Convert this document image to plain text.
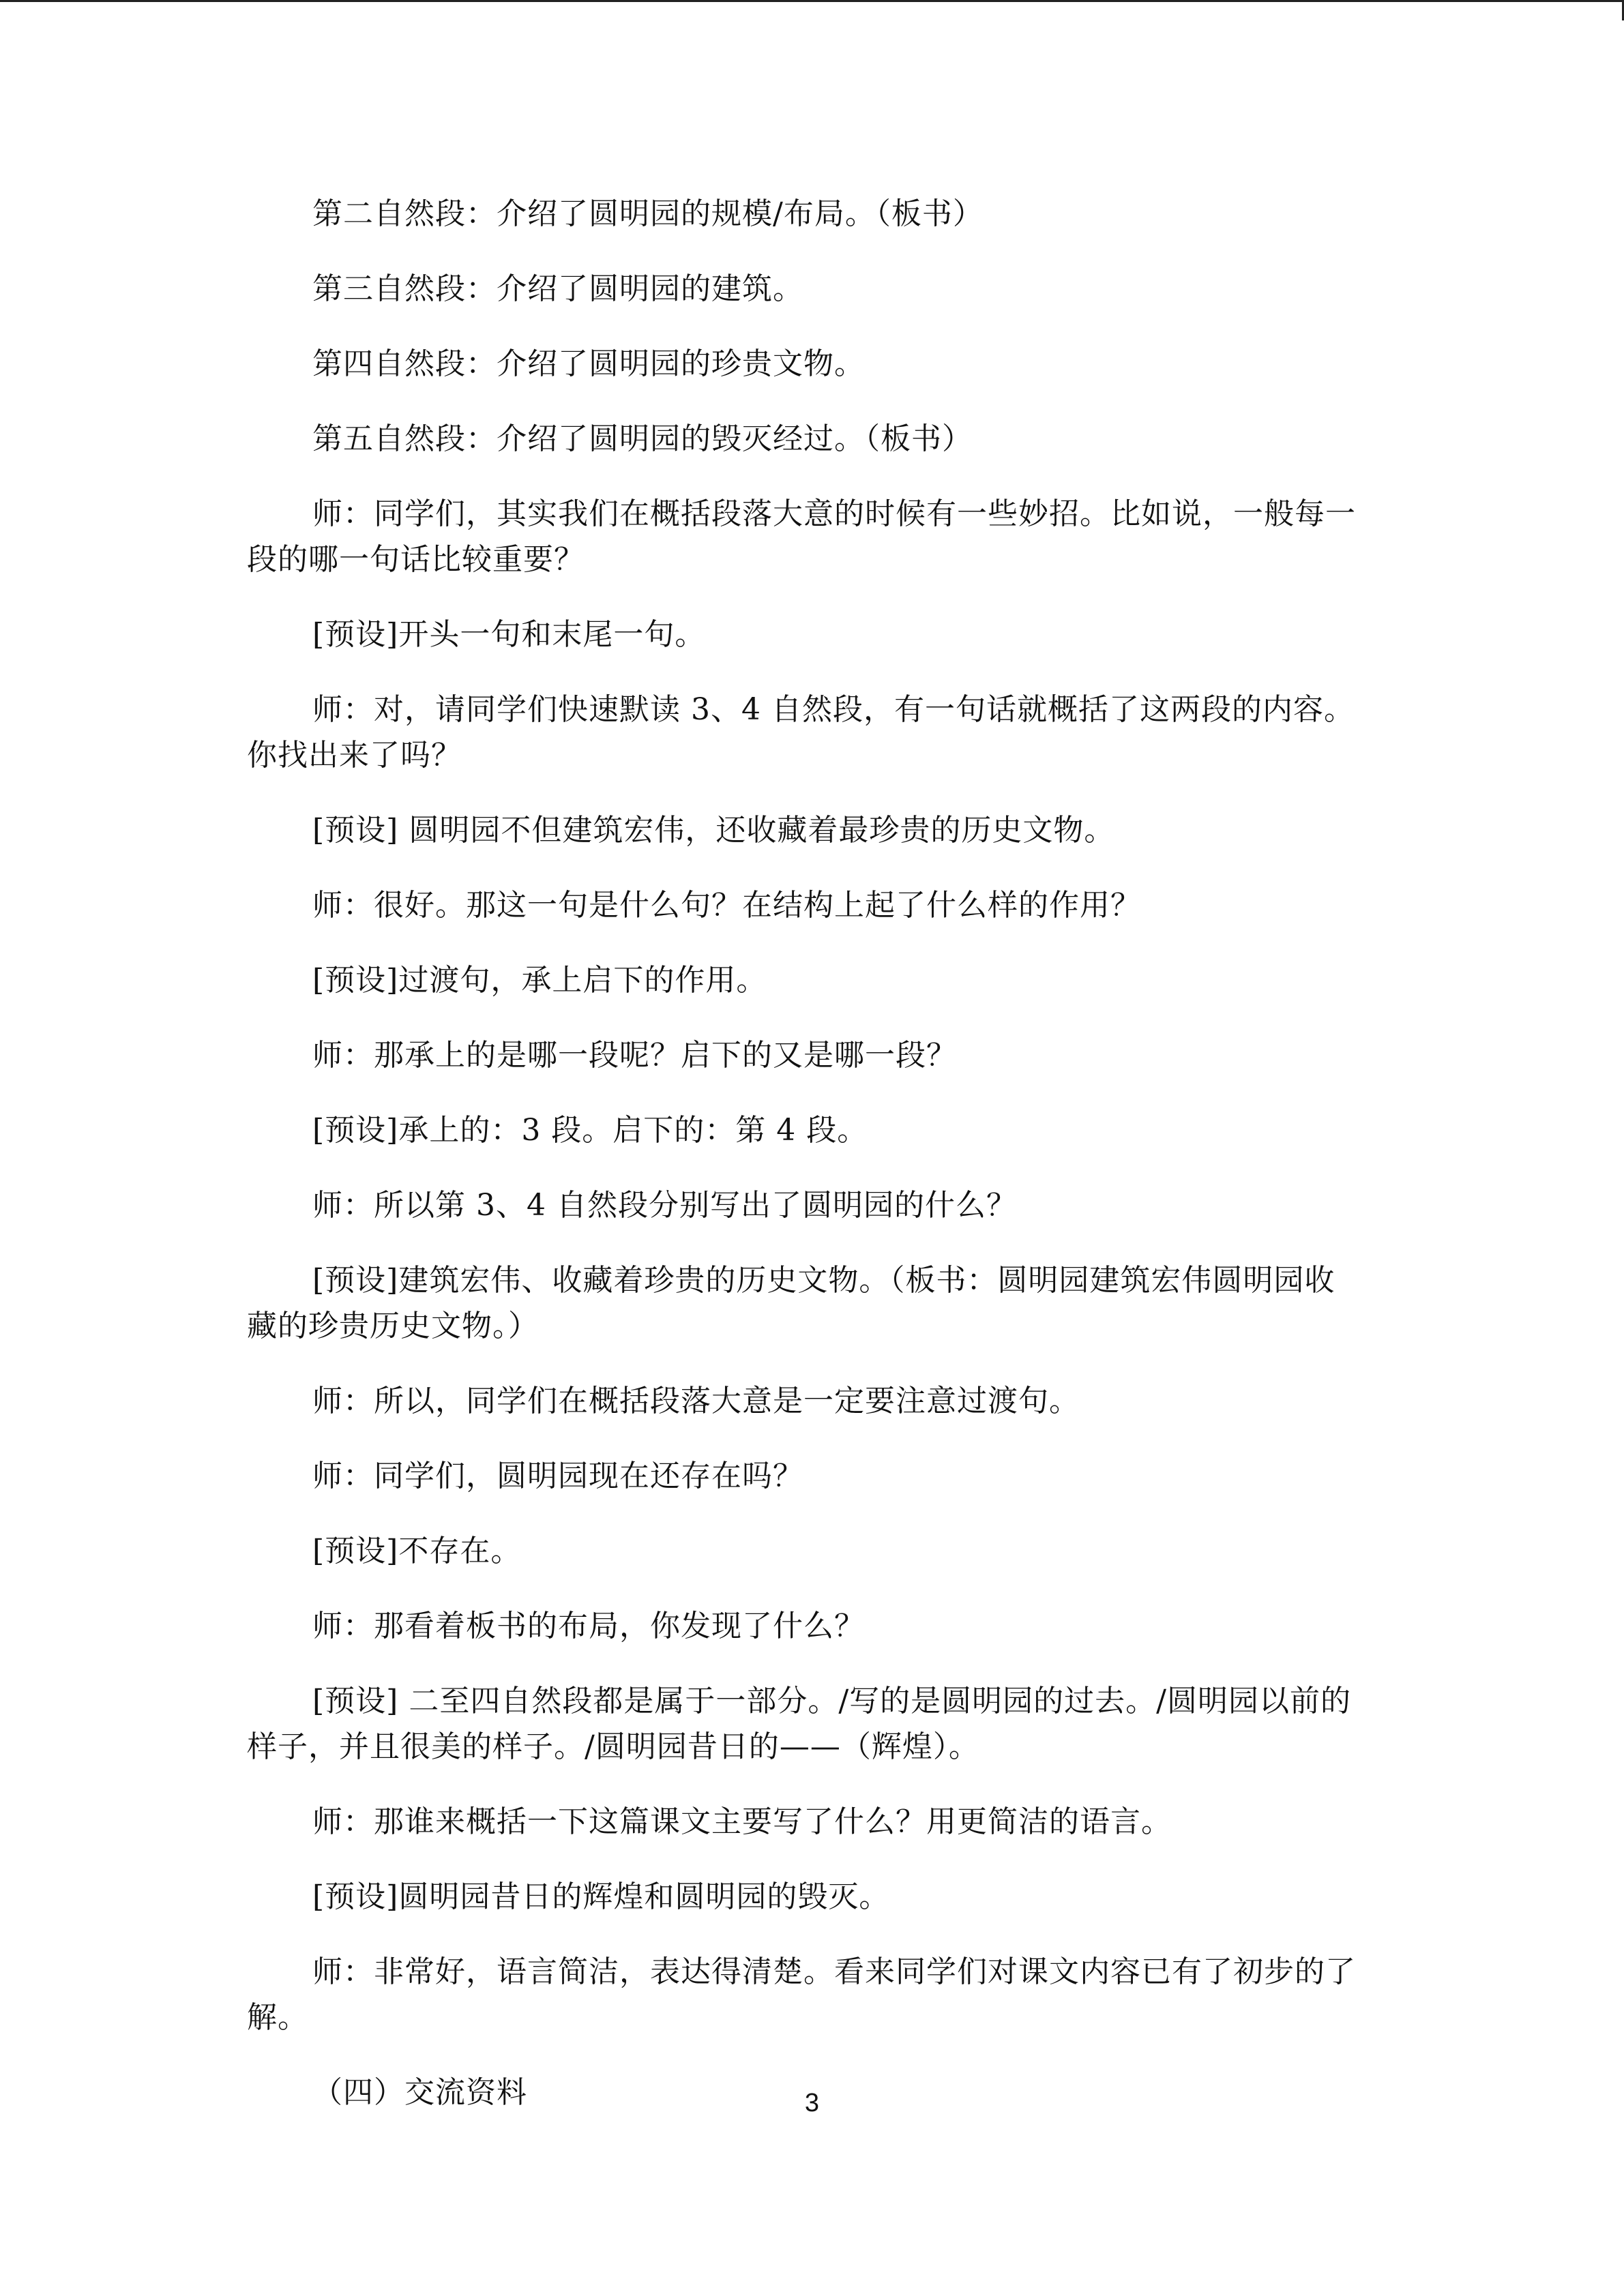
第二自然段：介绍了圆明园的规模/布局。（板书）

第三自然段：介绍了圆明园的建筑。

第四自然段：介绍了圆明园的珍贵文物。

第五自然段：介绍了圆明园的毁灭经过。（板书）

师：同学们，其实我们在概括段落大意的时候有一些妙招。比如说，一般每一段的哪一句话比较重要？

[预设]开头一句和末尾一句。

师：对，请同学们快速默读 3、4 自然段，有一句话就概括了这两段的内容。你找出来了吗？

[预设] 圆明园不但建筑宏伟，还收藏着最珍贵的历史文物。

师：很好。那这一句是什么句？在结构上起了什么样的作用？

[预设]过渡句，承上启下的作用。

师：那承上的是哪一段呢？启下的又是哪一段？

[预设]承上的：3 段。启下的：第 4 段。

师：所以第 3、4 自然段分别写出了圆明园的什么？

[预设]建筑宏伟、收藏着珍贵的历史文物。（板书：圆明园建筑宏伟圆明园收藏的珍贵历史文物。）

师：所以，同学们在概括段落大意是一定要注意过渡句。

师：同学们，圆明园现在还存在吗？

[预设]不存在。

师：那看着板书的布局，你发现了什么？

[预设] 二至四自然段都是属于一部分。/写的是圆明园的过去。/圆明园以前的样子，并且很美的样子。/圆明园昔日的——（辉煌）。

师：那谁来概括一下这篇课文主要写了什么？用更简洁的语言。

[预设]圆明园昔日的辉煌和圆明园的毁灭。

师：非常好，语言简洁，表达得清楚。看来同学们对课文内容已有了初步的了解。

（四）交流资料	3
